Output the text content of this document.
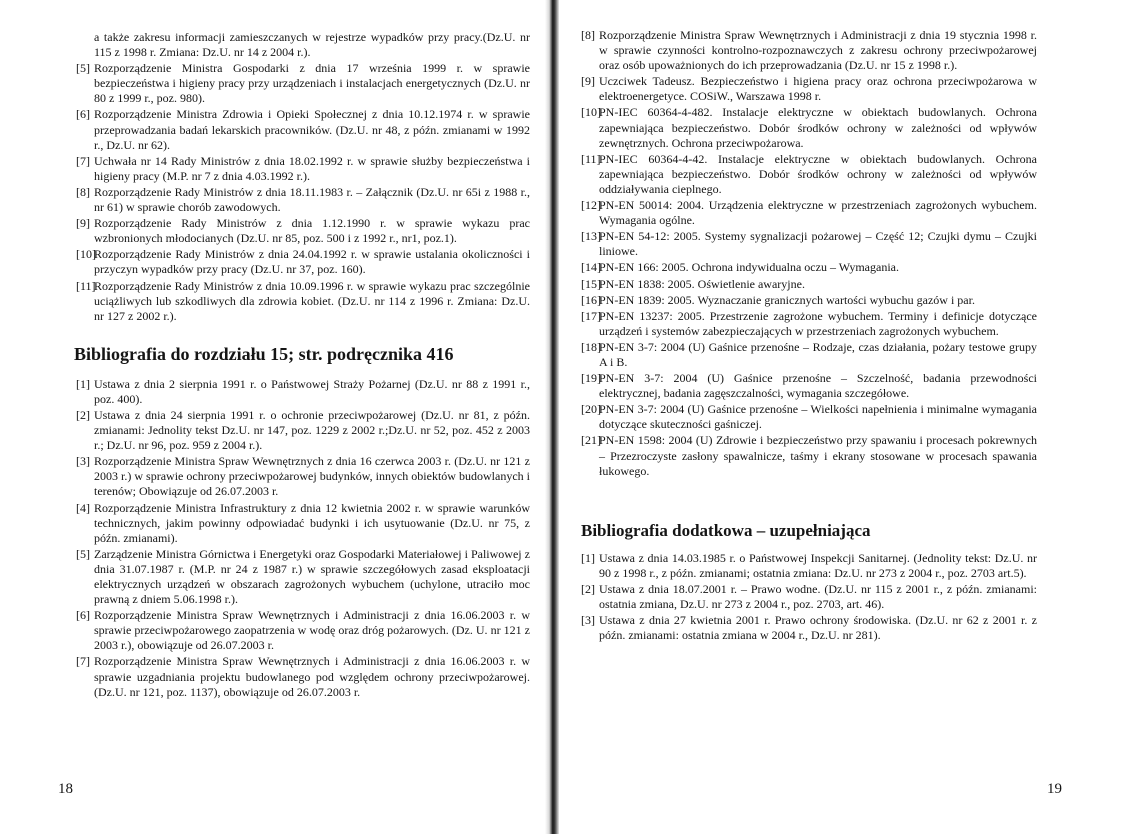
a także zakresu informacji zamieszczanych w rejestrze wypadków przy pracy.(Dz.U. nr 115 z 1998 r. Zmiana: Dz.U. nr 14 z 2004 r.).

[5] Rozporządzenie Ministra Gospodarki z dnia 17 września 1999 r. w sprawie bezpieczeństwa i higieny pracy przy urządzeniach i instalacjach energetycznych (Dz.U. nr 80 z 1999 r., poz. 980).

[6] Rozporządzenie Ministra Zdrowia i Opieki Społecznej z dnia 10.12.1974 r. w sprawie przeprowadzania badań lekarskich pracowników. (Dz.U. nr 48, z późn. zmianami w 1992 r., Dz.U. nr 62).

[7] Uchwała nr 14 Rady Ministrów z dnia 18.02.1992 r. w sprawie służby bezpieczeństwa i higieny pracy (M.P. nr 7 z dnia 4.03.1992 r.).

[8] Rozporządzenie Rady Ministrów z dnia 18.11.1983 r. – Załącznik (Dz.U. nr 65i z 1988 r., nr 61) w sprawie chorób zawodowych.

[9] Rozporządzenie Rady Ministrów z dnia 1.12.1990 r. w sprawie wykazu prac wzbronionych młodocianych (Dz.U. nr 85, poz. 500 i z 1992 r., nr1, poz.1).

[10]Rozporządzenie Rady Ministrów z dnia 24.04.1992 r. w sprawie ustalania okoliczności i przyczyn wypadków przy pracy (Dz.U. nr 37, poz. 160).

[11]Rozporządzenie Rady Ministrów z dnia 10.09.1996 r. w sprawie wykazu prac szczególnie uciążliwych lub szkodliwych dla zdrowia kobiet. (Dz.U. nr 114 z 1996 r. Zmiana: Dz.U. nr 127 z 2002 r.).

Bibliografia do rozdziału 15; str. podręcznika 416

[1] Ustawa z dnia 2 sierpnia 1991 r. o Państwowej Straży Pożarnej (Dz.U. nr 88 z 1991 r., poz. 400).

[2] Ustawa z dnia 24 sierpnia 1991 r. o ochronie przeciwpożarowej (Dz.U. nr 81, z późn. zmianami: Jednolity tekst Dz.U. nr 147, poz. 1229 z 2002 r.;Dz.U. nr 52, poz. 452 z 2003 r.; Dz.U. nr 96, poz. 959 z 2004 r.).

[3] Rozporządzenie Ministra Spraw Wewnętrznych z dnia 16 czerwca 2003 r. (Dz.U. nr 121 z 2003 r.) w sprawie ochrony przeciwpożarowej budynków, innych obiektów budowlanych i terenów; Obowiązuje od 26.07.2003 r.

[4] Rozporządzenie Ministra Infrastruktury z dnia 12 kwietnia 2002 r. w sprawie warunków technicznych, jakim powinny odpowiadać budynki i ich usytuowanie (Dz.U. nr 75, z późn. zmianami).

[5] Zarządzenie Ministra Górnictwa i Energetyki oraz Gospodarki Materiałowej i Paliwowej z dnia 31.07.1987 r. (M.P. nr 24 z 1987 r.) w sprawie szczegółowych zasad eksploatacji elektrycznych urządzeń w obszarach zagrożonych wybuchem (uchylone, utraciło moc prawną z dniem 5.06.1998 r.).

[6] Rozporządzenie Ministra Spraw Wewnętrznych i Administracji z dnia 16.06.2003 r. w sprawie przeciwpożarowego zaopatrzenia w wodę oraz dróg pożarowych. (Dz. U. nr 121 z 2003 r.), obowiązuje od 26.07.2003 r.

[7] Rozporządzenie Ministra Spraw Wewnętrznych i Administracji z dnia 16.06.2003 r. w sprawie uzgadniania projektu budowlanego pod względem ochrony przeciwpożarowej. (Dz.U. nr 121, poz. 1137), obowiązuje od 26.07.2003 r.

18

[8] Rozporządzenie Ministra Spraw Wewnętrznych i Administracji z dnia 19 stycznia 1998 r. w sprawie czynności kontrolno-rozpoznawczych z zakresu ochrony przeciwpożarowej oraz osób upoważnionych do ich przeprowadzania (Dz.U. nr 15 z 1998 r.).

[9] Uczciwek Tadeusz. Bezpieczeństwo i higiena pracy oraz ochrona przeciwpożarowa w elektroenergetyce. COSiW., Warszawa 1998 r.

[10]PN-IEC 60364-4-482. Instalacje elektryczne w obiektach budowlanych. Ochrona zapewniająca bezpieczeństwo. Dobór środków ochrony w zależności od wpływów zewnętrznych. Ochrona przeciwpożarowa.

[11]PN-IEC 60364-4-42. Instalacje elektryczne w obiektach budowlanych. Ochrona zapewniająca bezpieczeństwo. Dobór środków ochrony w zależności od wpływów oddziaływania cieplnego.

[12]PN-EN 50014: 2004. Urządzenia elektryczne w przestrzeniach zagrożonych wybuchem. Wymagania ogólne.

[13]PN-EN 54-12: 2005. Systemy sygnalizacji pożarowej – Część 12; Czujki dymu – Czujki liniowe.

[14]PN-EN 166: 2005. Ochrona indywidualna oczu – Wymagania.

[15]PN-EN 1838: 2005. Oświetlenie awaryjne.

[16]PN-EN 1839: 2005. Wyznaczanie granicznych wartości wybuchu gazów i par.

[17]PN-EN 13237: 2005. Przestrzenie zagrożone wybuchem. Terminy i definicje dotyczące urządzeń i systemów zabezpieczających w przestrzeniach zagrożonych wybuchem.

[18]PN-EN 3-7: 2004 (U) Gaśnice przenośne – Rodzaje, czas działania, pożary testowe grupy A i B.

[19]PN-EN 3-7: 2004 (U) Gaśnice przenośne – Szczelność, badania przewodności elektrycznej, badania zagęszczalności, wymagania szczegółowe.

[20]PN-EN 3-7: 2004 (U) Gaśnice przenośne – Wielkości napełnienia i minimalne wymagania dotyczące skuteczności gaśniczej.

[21]PN-EN 1598: 2004 (U) Zdrowie i bezpieczeństwo przy spawaniu i procesach pokrewnych – Przezroczyste zasłony spawalnicze, taśmy i ekrany stosowane w procesach spawania łukowego.

Bibliografia dodatkowa – uzupełniająca

[1] Ustawa z dnia 14.03.1985 r. o Państwowej Inspekcji Sanitarnej. (Jednolity tekst: Dz.U. nr 90 z 1998 r., z późn. zmianami; ostatnia zmiana: Dz.U. nr 273 z 2004 r., poz. 2703 art.5).

[2] Ustawa z dnia 18.07.2001 r. – Prawo wodne. (Dz.U. nr 115 z 2001 r., z późn. zmianami: ostatnia zmiana, Dz.U. nr 273 z 2004 r., poz. 2703, art. 46).

[3] Ustawa z dnia 27 kwietnia 2001 r. Prawo ochrony środowiska. (Dz.U. nr 62 z 2001 r. z późn. zmianami: ostatnia zmiana w 2004 r., Dz.U. nr 281).

19
